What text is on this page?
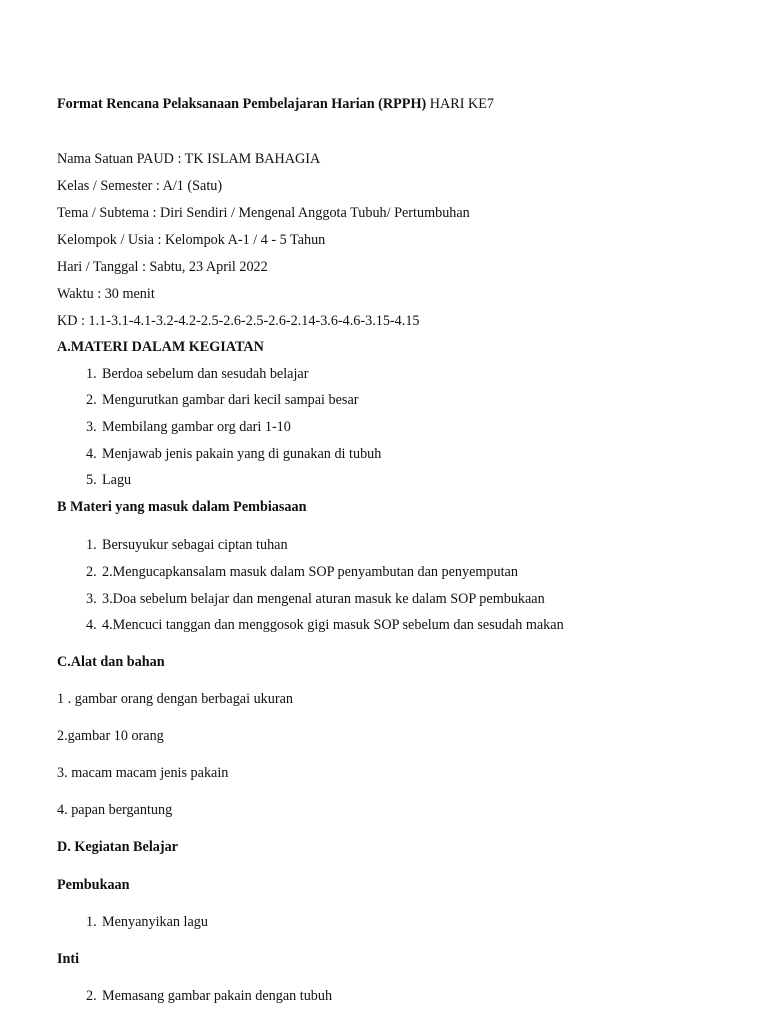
Format Rencana Pelaksanaan Pembelajaran Harian (RPPH) HARI KE7
Nama Satuan PAUD : TK ISLAM BAHAGIA
Kelas / Semester : A/1 (Satu)
Tema / Subtema : Diri Sendiri / Mengenal Anggota Tubuh/ Pertumbuhan
Kelompok / Usia : Kelompok A-1 / 4 - 5 Tahun
Hari / Tanggal : Sabtu, 23 April 2022
Waktu : 30 menit
KD : 1.1-3.1-4.1-3.2-4.2-2.5-2.6-2.5-2.6-2.14-3.6-4.6-3.15-4.15
A.MATERI DALAM KEGIATAN
1. Berdoa sebelum dan sesudah belajar
2. Mengurutkan gambar dari kecil sampai besar
3. Membilang gambar org dari 1-10
4. Menjawab jenis pakain yang di gunakan di tubuh
5. Lagu
B Materi yang masuk dalam Pembiasaan
1. Bersuyukur sebagai ciptan tuhan
2. 2.Mengucapkansalam masuk dalam SOP penyambutan dan penyemputan
3. 3.Doa sebelum belajar dan mengenal aturan masuk ke dalam SOP pembukaan
4. 4.Mencuci tanggan dan menggosok gigi masuk SOP sebelum dan sesudah makan
C.Alat dan bahan
1 . gambar orang dengan berbagai ukuran
2.gambar 10 orang
3. macam macam jenis pakain
4. papan bergantung
D. Kegiatan Belajar
Pembukaan
1. Menyanyikan lagu
Inti
2. Memasang gambar pakain dengan tubuh
